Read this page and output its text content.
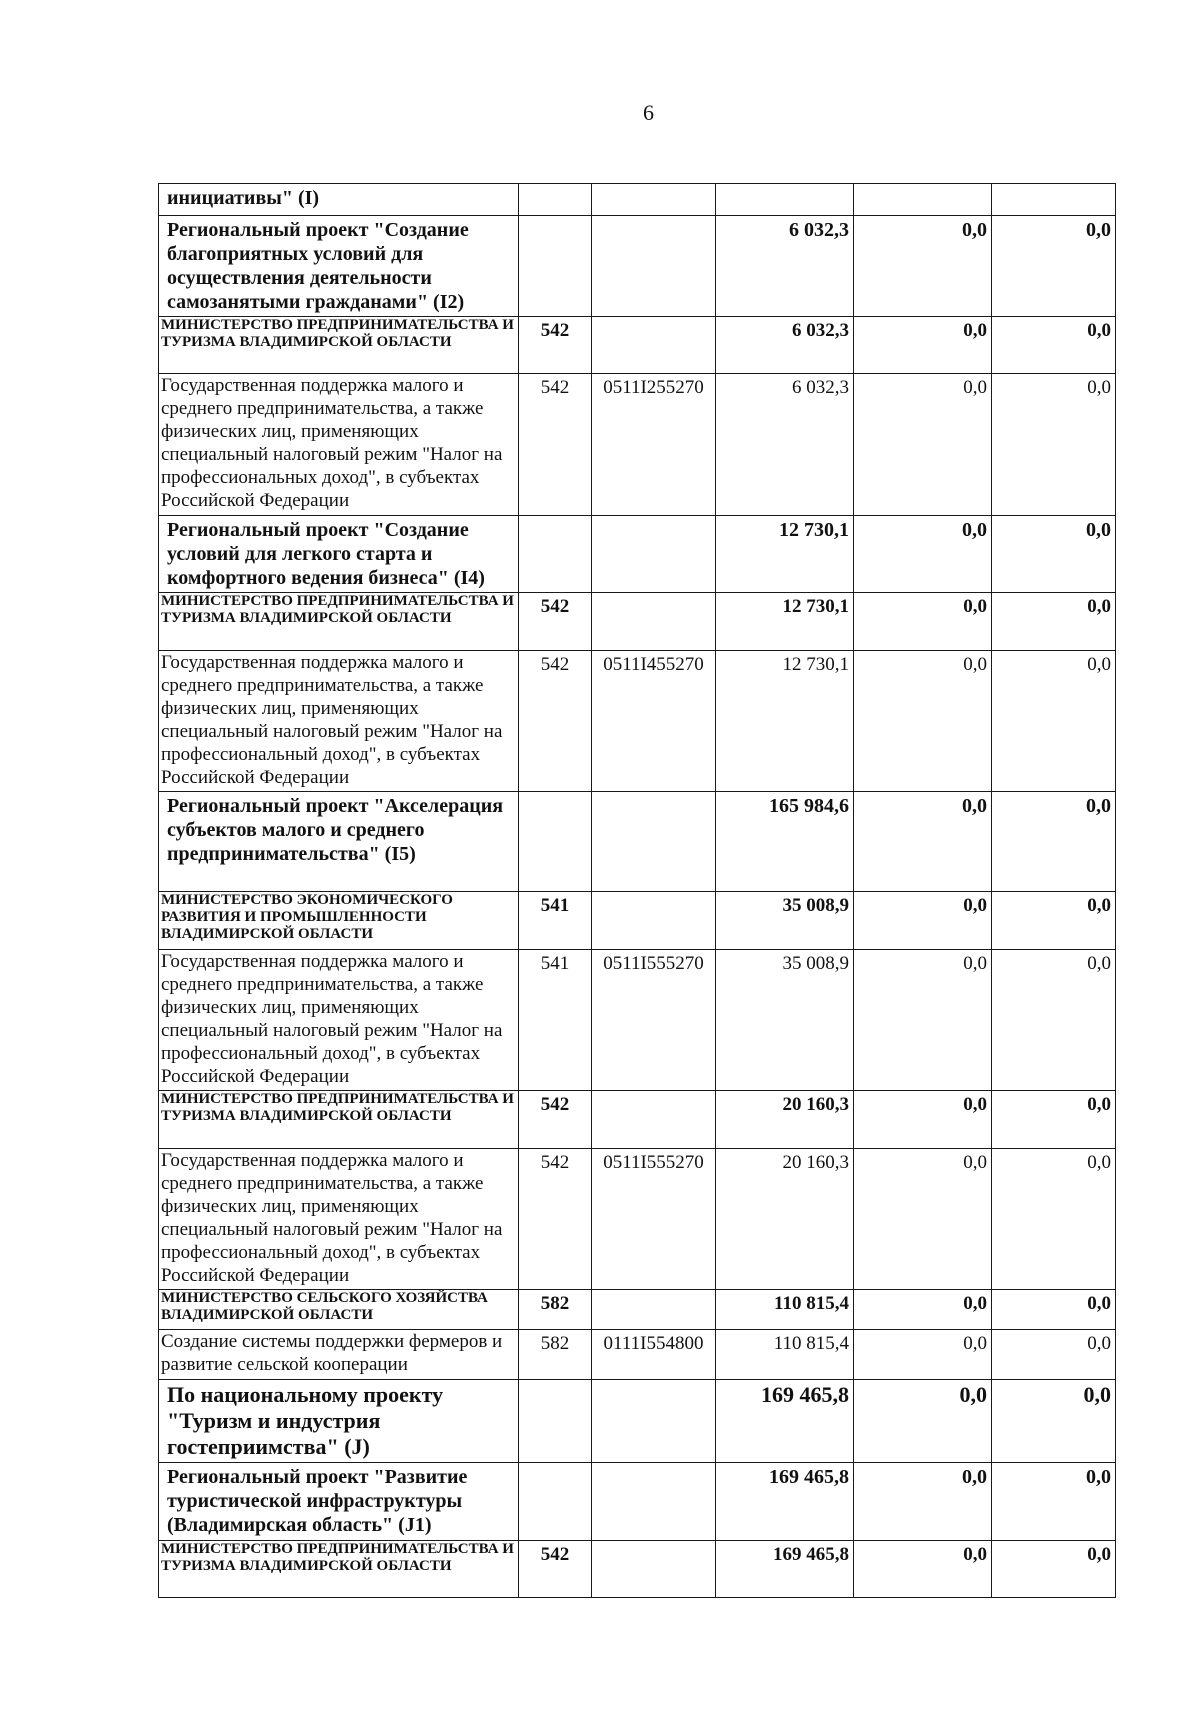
6
инициативы" (I)					
Региональный проект "Создание благоприятных условий для осуществления деятельности самозанятыми гражданами" (I2)			6 032,3	0,0	0,0
МИНИСТЕРСТВО ПРЕДПРИНИМАТЕЛЬСТВА И ТУРИЗМА ВЛАДИМИРСКОЙ ОБЛАСТИ	542		6 032,3	0,0	0,0
Государственная поддержка малого и среднего предпринимательства, а также физических лиц, применяющих специальный налоговый режим "Налог на профессиональных доход", в субъектах Российской Федерации	542	0511I255270	6 032,3	0,0	0,0
Региональный проект "Создание условий для легкого старта и комфортного ведения бизнеса" (I4)			12 730,1	0,0	0,0
МИНИСТЕРСТВО ПРЕДПРИНИМАТЕЛЬСТВА И ТУРИЗМА ВЛАДИМИРСКОЙ ОБЛАСТИ	542		12 730,1	0,0	0,0
Государственная поддержка малого и среднего предпринимательства, а также физических лиц, применяющих специальный налоговый режим "Налог на профессиональный доход", в субъектах Российской Федерации	542	0511I455270	12 730,1	0,0	0,0
Региональный проект "Акселерация субъектов малого и среднего предпринимательства" (I5)			165 984,6	0,0	0,0
МИНИСТЕРСТВО ЭКОНОМИЧЕСКОГО РАЗВИТИЯ И ПРОМЫШЛЕННОСТИ ВЛАДИМИРСКОЙ ОБЛАСТИ	541		35 008,9	0,0	0,0
Государственная поддержка малого и среднего предпринимательства, а также физических лиц, применяющих специальный налоговый режим "Налог на профессиональный доход", в субъектах Российской Федерации	541	0511I555270	35 008,9	0,0	0,0
МИНИСТЕРСТВО ПРЕДПРИНИМАТЕЛЬСТВА И ТУРИЗМА ВЛАДИМИРСКОЙ ОБЛАСТИ	542		20 160,3	0,0	0,0
Государственная поддержка малого и среднего предпринимательства, а также физических лиц, применяющих специальный налоговый режим "Налог на профессиональный доход", в субъектах Российской Федерации	542	0511I555270	20 160,3	0,0	0,0
МИНИСТЕРСТВО СЕЛЬСКОГО ХОЗЯЙСТВА ВЛАДИМИРСКОЙ ОБЛАСТИ	582		110 815,4	0,0	0,0
Создание системы поддержки фермеров и развитие сельской кооперации	582	0111I554800	110 815,4	0,0	0,0
По национальному проекту "Туризм и индустрия гостеприимства" (J)			169 465,8	0,0	0,0
Региональный проект "Развитие туристической инфраструктуры (Владимирская область" (J1)			169 465,8	0,0	0,0
МИНИСТЕРСТВО ПРЕДПРИНИМАТЕЛЬСТВА И ТУРИЗМА ВЛАДИМИРСКОЙ ОБЛАСТИ	542		169 465,8	0,0	0,0
